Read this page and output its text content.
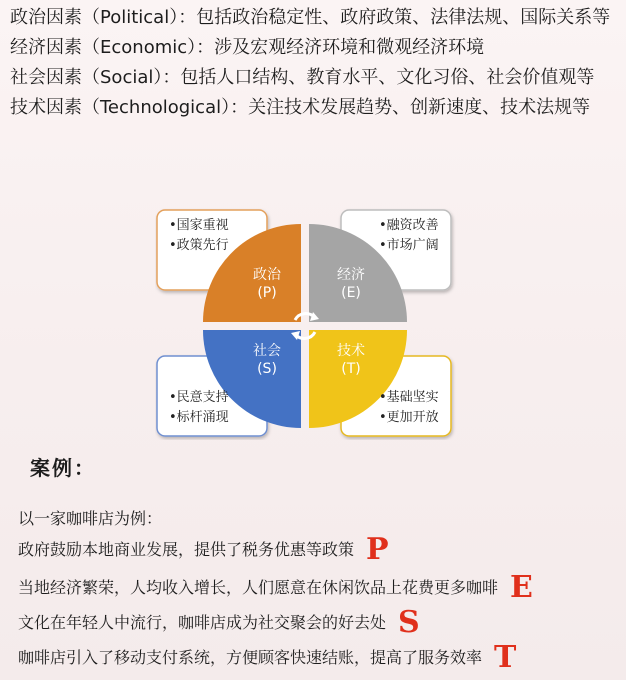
政治因素（Political）：包括政治稳定性、政府政策、法律法规、国际关系等
经济因素（Economic）：涉及宏观经济环境和微观经济环境
社会因素（Social）：包括人口结构、教育水平、文化习俗、社会价值观等
技术因素（Technological）：关注技术发展趋势、创新速度、技术法规等
•国家重视
•政策先行
•融资改善
•市场广阔
•民意支持
•标杆涌现
•基础坚实
•更加开放
政治
(P)
经济
(E)
社会
(S)
技术
(T)
案例：
以一家咖啡店为例：
政府鼓励本地商业发展，提供了税务优惠等政策 P
当地经济繁荣，人均收入增长，人们愿意在休闲饮品上花费更多咖啡 E
文化在年轻人中流行，咖啡店成为社交聚会的好去处 S
咖啡店引入了移动支付系统，方便顾客快速结账，提高了服务效率 T
